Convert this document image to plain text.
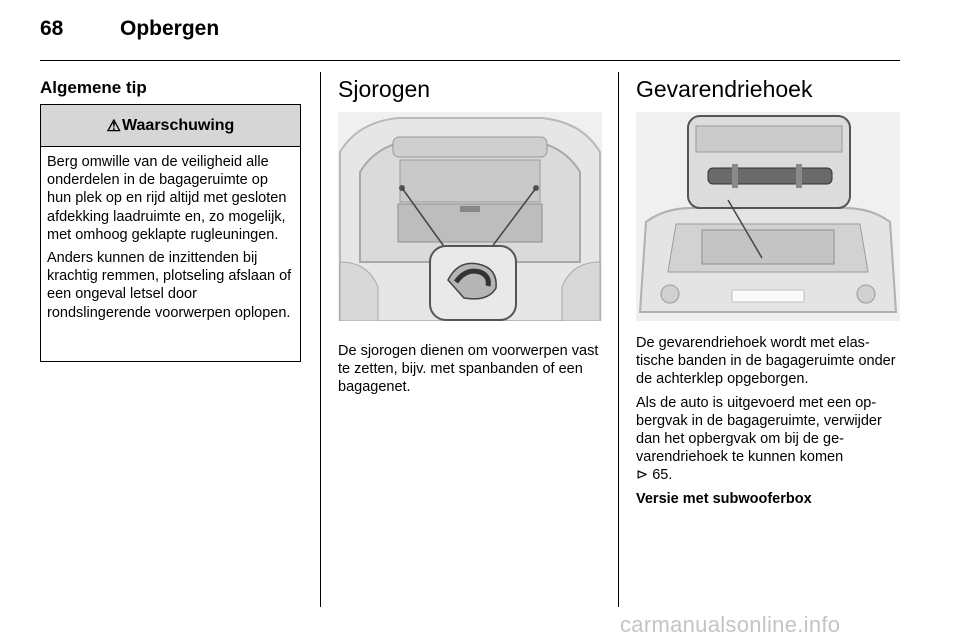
68	Opbergen
Algemene tip
⚠ Waarschuwing

Berg omwille van de veiligheid alle onderdelen in de bagageruimte op hun plek op en rijd altijd met gesloten afdekking laadruimte en, zo mogelijk, met omhoog geklapte rugleuningen.

Anders kunnen de inzittenden bij krachtig remmen, plotseling afslaan of een ongeval letsel door rondslingerende voorwerpen oplopen.

Sjorogen
De sjorogen dienen om voorwerpen vast te zetten, bijv. met spanbanden of een bagagenet.
Gevarendriehoek

De gevarendriehoek wordt met elastische banden in de bagageruimte onder de achterklep opgeborgen.

Als de auto is uitgevoerd met een opbergvak in de bagageruimte, verwijder dan het opbergvak om bij de gevarendriehoek te kunnen komen
⊳ 65.

Versie met subwooferbox

carmanualsonline.info
